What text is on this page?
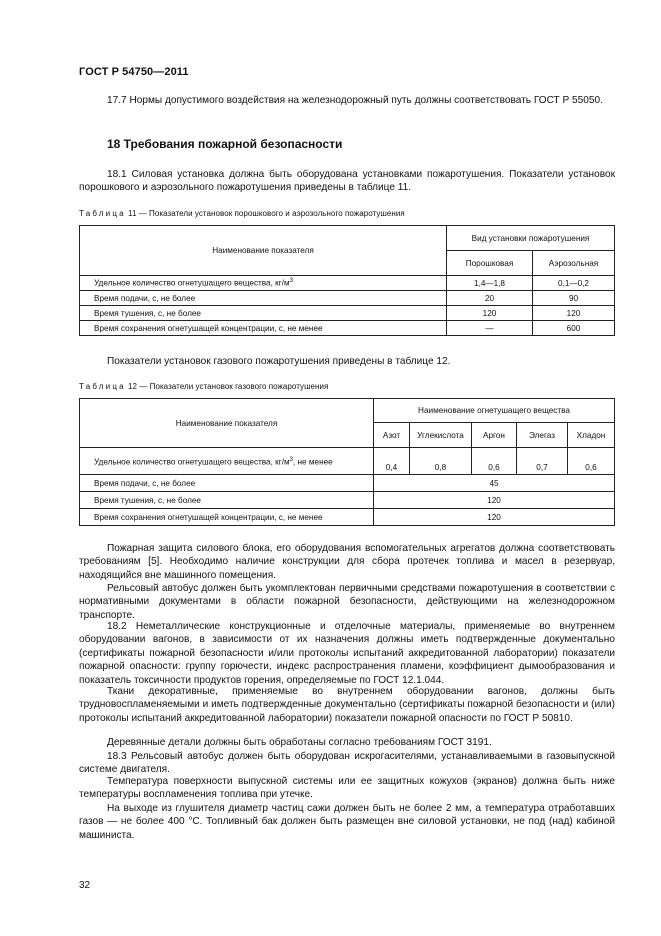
ГОСТ Р 54750—2011

17.7 Нормы допустимого воздействия на железнодорожный путь должны соответствовать ГОСТ Р 55050.

18 Требования пожарной безопасности

18.1 Силовая установка должна быть оборудована установками пожаротушения. Показатели установок порошкового и аэрозольного пожаротушения приведены в таблице 11.

Таблица 11 — Показатели установок порошкового и аэрозольного пожаротушения
Наименование показателя	Вид установки пожаротушения	
	Порошковая	Аэрозольная
Удельное количество огнетушащего вещества, $кг/м^3$	1,4—1,8	0,1—0,2
Время подачи, с, не более	20	90
Время тушения, с, не более	120	120
Время сохранения огнетушащей концентрации, с, не менее	—	600

Показатели установок газового пожаротушения приведены в таблице 12.

Таблица 12 — Показатели установок газового пожаротушения
Наименование показателя	Наименование огнетушащего вещества				
	Азот	Углекислота	Аргон	Элегаз	Хладон
Удельное количество огнетушащего вещества, $кг/м^3$, не менее	0,4	0,8	0,6	0,7	0,6
Время подачи, с, не более	45				
Время тушения, с, не более	120				
Время сохранения огнетушащей концентрации, с, не менее	120				

Пожарная защита силового блока, его оборудования вспомогательных агрегатов должна соответствовать требованиям [5]. Необходимо наличие конструкции для сбора протечек топлива и масел в резервуар, находящийся вне машинного помещения.

Рельсовый автобус должен быть укомплектован первичными средствами пожаротушения в соответствии с нормативными документами в области пожарной безопасности, действующими на железнодорожном транспорте.

18.2 Неметаллические конструкционные и отделочные материалы, применяемые во внутреннем оборудовании вагонов, в зависимости от их назначения должны иметь подтвержденные документально (сертификаты пожарной безопасности и/или протоколы испытаний аккредитованной лаборатории) показатели пожарной опасности: группу горючести, индекс распространения пламени, коэффициент дымообразования и показатель токсичности продуктов горения, определяемые по ГОСТ 12.1.044.

Ткани декоративные, применяемые во внутреннем оборудовании вагонов, должны быть трудновоспламеняемыми и иметь подтвержденные документально (сертификаты пожарной безопасности и (или) протоколы испытаний аккредитованной лаборатории) показатели пожарной опасности по ГОСТ Р 50810.

Деревянные детали должны быть обработаны согласно требованиям ГОСТ 3191.

18.3 Рельсовый автобус должен быть оборудован искрогасителями, устанавливаемыми в газовыпускной системе двигателя.

Температура поверхности выпускной системы или ее защитных кожухов (экранов) должна быть ниже температуры воспламенения топлива при утечке.

На выходе из глушителя диаметр частиц сажи должен быть не более 2 мм, а температура отработавших газов — не более 400 °С. Топливный бак должен быть размещен вне силовой установки, не под (над) кабиной машиниста.

32
